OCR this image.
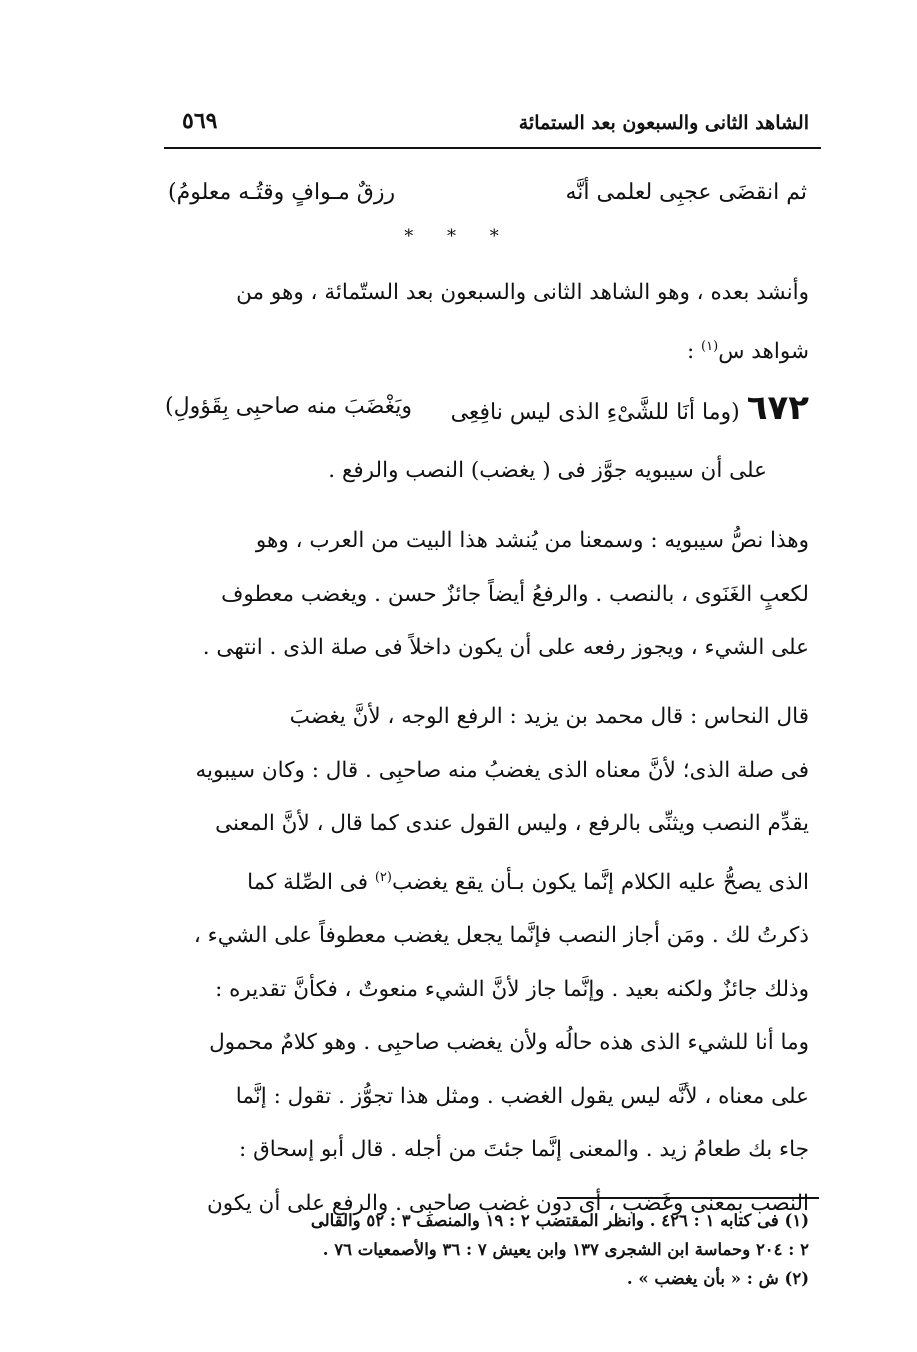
الشاهد الثانى والسبعون بعد الستمائة
٥٦٩
ثم انقضَى عجبِى لعلمى أنَّه
رزقٌ مـوافٍ وقتُـه معلومُ)
* * *

وأنشد بعده ، وهو الشاهد الثانى والسبعون بعد الستّمائة ، وهو من

شواهد س$^{(١)}$ :

٦٧٢ (وما أنَا للشَّىْءِ الذى ليس نافِعِى
ويَغْضَبَ منه صاحبِى بِقَؤولِ)

على أن سيبويه جوَّز فى ( يغضب) النصب والرفع .

وهذا نصُّ سيبويه : وسمعنا من يُنشد هذا البيت من العرب ، وهو

لكعبٍ الغَنَوى ، بالنصب . والرفعُ أيضاً جائزٌ حسن . ويغضب معطوف

على الشيء ، ويجوز رفعه على أن يكون داخلاً فى صلة الذى . انتهى .

قال النحاس : قال محمد بن يزيد : الرفع الوجه ، لأنَّ يغضبَ

فى صلة الذى؛ لأنَّ معناه الذى يغضبُ منه صاحبِى . قال : وكان سيبويه

يقدِّم النصب ويثنِّى بالرفع ، وليس القول عندى كما قال ، لأنَّ المعنى

الذى يصحُّ عليه الكلام إنَّما يكون بـأن يقع يغضب$^{(٢)}$ فى الصِّلة كما

ذكرتُ لك . ومَن أجاز النصب فإنَّما يجعل يغضب معطوفاً على الشيء ،

وذلك جائزٌ ولكنه بعيد . وإنَّما جاز لأنَّ الشيء منعوتٌ ، فكأنَّ تقديره :

وما أنا للشيء الذى هذه حالُه ولأن يغضب صاحبِى . وهو كلامٌ محمول

على معناه ، لأنَّه ليس يقول الغضب . ومثل هذا تجوُّز . تقول : إنَّما

جاء بك طعامُ زيد . والمعنى إنَّما جئتَ من أجله . قال أبو إسحاق :

النصب بمعنى وغَضَب ، أى دون غضب صاحبِى . والرفع على أن يكون

(١) فى كتابه ١ : ٤٢٦ . وانظر المقتضب ٢ : ١٩ والمنصف ٣ : ٥٢ والقالى

٢ : ٢٠٤ وحماسة ابن الشجرى ١٣٧ وابن يعيش ٧ : ٣٦ والأصمعيات ٧٦ .

(٢) ش : « بأن يغضب » .
